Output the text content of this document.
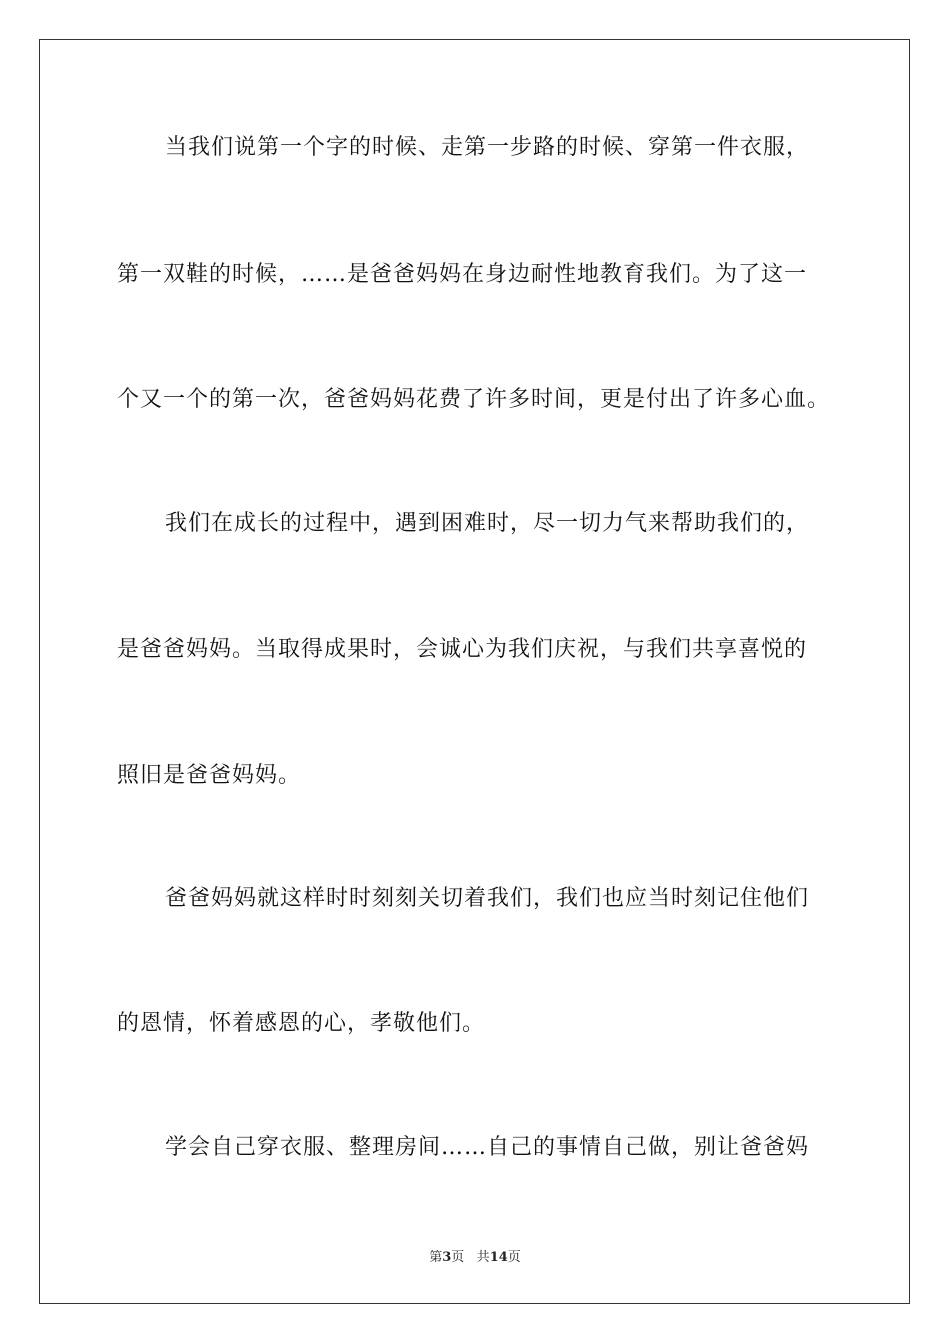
当我们说第一个字的时候、走第一步路的时候、穿第一件衣服，
第一双鞋的时候，……是爸爸妈妈在身边耐性地教育我们。为了这一
个又一个的第一次，爸爸妈妈花费了许多时间，更是付出了许多心血。
我们在成长的过程中，遇到困难时，尽一切力气来帮助我们的，
是爸爸妈妈。当取得成果时，会诚心为我们庆祝，与我们共享喜悦的
照旧是爸爸妈妈。
爸爸妈妈就这样时时刻刻关切着我们，我们也应当时刻记住他们
的恩情，怀着感恩的心，孝敬他们。
学会自己穿衣服、整理房间……自己的事情自己做，别让爸爸妈
第3页 共14页
